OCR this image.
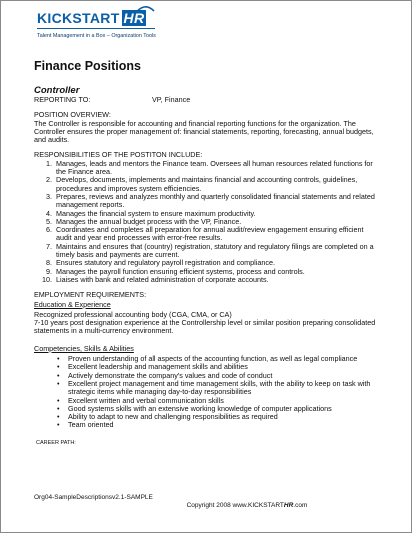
KICKSTART HR
Talent Management in a Box – Organization Tools
Finance Positions

Controller

REPORTING TO:	VP, Finance

POSITION OVERVIEW:

The Controller is responsible for accounting and financial reporting functions for the organization. The Controller ensures the proper management of: financial statements, reporting, forecasting, annual budgets, and audits.

RESPONSIBILITIES OF THE POSTITON INCLUDE:

1. Manages, leads and mentors the Finance team. Oversees all human resources related functions for the Finance area.
2. Develops, documents, implements and maintains financial and accounting controls, guidelines, procedures and improves system efficiencies.
3. Prepares, reviews and analyzes monthly and quarterly consolidated financial statements and related management reports.
4. Manages the financial system to ensure maximum productivity.
5. Manages the annual budget process with the VP, Finance.
6. Coordinates and completes all preparation for annual audit/review engagement ensuring efficient audit and year end processes with error-free results.
7. Maintains and ensures that (country) registration, statutory and regulatory filings are completed on a timely basis and payments are current.
8. Ensures statutory and regulatory payroll registration and compliance.
9. Manages the payroll function ensuring efficient systems, process and controls.
10. Liaises with bank and related administration of corporate accounts.

EMPLOYMENT REQUIREMENTS:

Education & Experience

Recognized professional accounting body (CGA, CMA, or CA)

7-10 years post designation experience at the Controllership level or similar position preparing consolidated statements in a multi-currency environment.

Competencies, Skills & Abilities

• Proven understanding of all aspects of the accounting function, as well as legal compliance
• Excellent leadership and management skills and abilities
• Actively demonstrate the company's values and code of conduct
• Excellent project management and time management skills, with the ability to keep on task with strategic items while managing day-to-day responsibilities
• Excellent written and verbal communication skills
• Good systems skills with an extensive working knowledge of computer applications
• Ability to adapt to new and challenging responsibilities as required
• Team oriented

CAREER PATH:

Org04-SampleDescriptionsv2.1-SAMPLE
Copyright 2008 www.KICKSTARTHR.com
